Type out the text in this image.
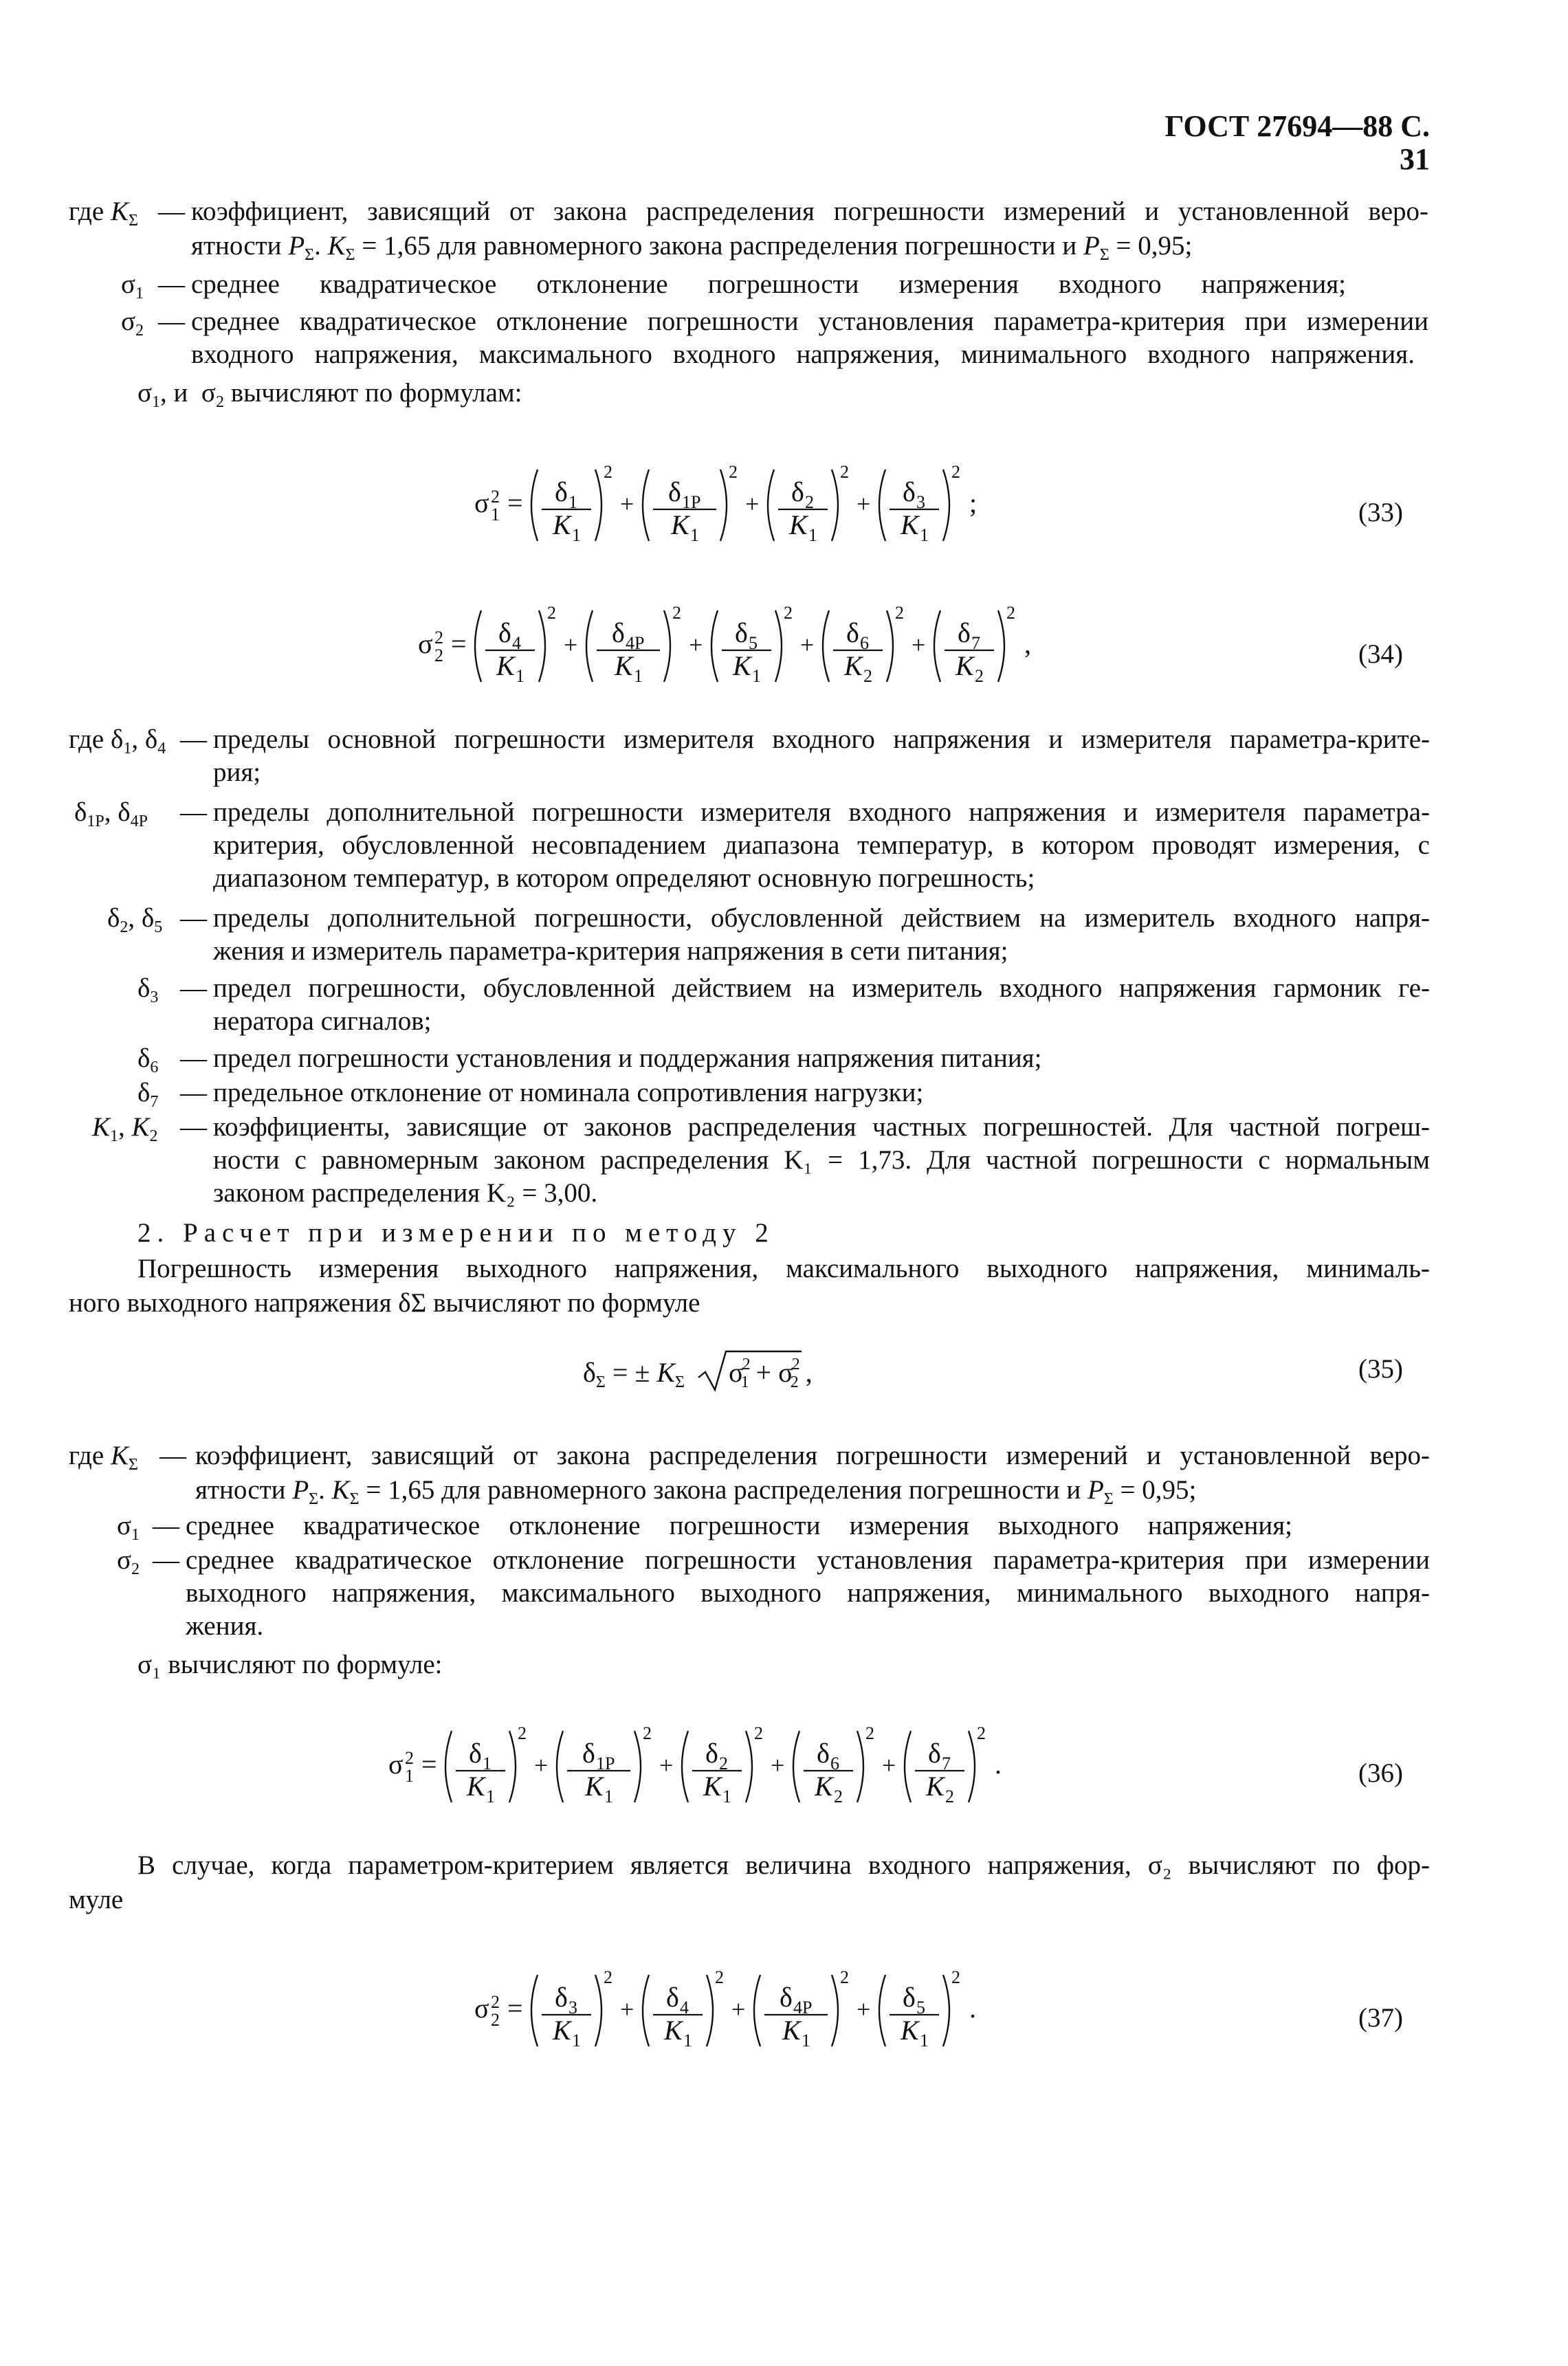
ГОСТ 27694—88 С. 31
где $K_\Sigma$ — коэффициент, зависящий от закона распределения погрешности измерений и установленной веро-
ятности $P_\Sigma$. $K_\Sigma = 1,65$ для равномерного закона распределения погрешности и $P_\Sigma = 0,95$;
$\sigma_1$ — среднее квадратическое отклонение погрешности измерения входного напряжения;
$\sigma_2$ — среднее квадратическое отклонение погрешности установления параметра-критерия при измерении
входного напряжения, максимального входного напряжения, минимального входного напряжения.
$\sigma_1$, и  $\sigma_2$ вычисляют по формулам:
σ 2
1 = δ 1
K 1
2
+ δ 1P
K 1
2
+ δ 2
K 1
2
+ δ 3
K 1
2
;	(33)
σ 2
2 = δ 4
K 1
2
+ δ 4P
K 1
2
+ δ 5
K 1
2
+ δ 6
K 2
2
+ δ 7
K 2
2
,	(34)
где $\delta_1$, $\delta_4$ — пределы основной погрешности измерителя входного напряжения и измерителя параметра-крите-
рия;
$\delta_{1P}$, $\delta_{4P}$ — пределы дополнительной погрешности измерителя входного напряжения и измерителя параметра-
критерия, обусловленной несовпадением диапазона температур, в котором проводят измерения, с
диапазоном температур, в котором определяют основную погрешность;
$\delta_2$, $\delta_5$ — пределы дополнительной погрешности, обусловленной действием на измеритель входного напря-
жения и измеритель параметра-критерия напряжения в сети питания;
$\delta_3$ — предел погрешности, обусловленной действием на измеритель входного напряжения гармоник ге-
нератора сигналов;
$\delta_6$ — предел погрешности установления и поддержания напряжения питания;
$\delta_7$ — предельное отклонение от номинала сопротивления нагрузки;
$K_1$, $K_2$ — коэффициенты, зависящие от законов распределения частных погрешностей. Для частной погреш-
ности с равномерным законом распределения K₁ = 1,73. Для частной погрешности с нормальным
законом распределения K₂ = 3,00.
2. Расчет при измерении по методу 2
Погрешность измерения выходного напряжения, максимального выходного напряжения, минималь-
ного выходного напряжения δΣ вычисляют по формуле
$\delta_\Sigma$ = ± $K_\Sigma$ σ2 1 + σ2 2 ,	(35)
где $K_\Sigma$ — коэффициент, зависящий от закона распределения погрешности измерений и установленной веро-
ятности $P_\Sigma$. $K_\Sigma = 1,65$ для равномерного закона распределения погрешности и $P_\Sigma = 0,95$;
$\sigma_1$ — среднее квадратическое отклонение погрешности измерения выходного напряжения;
$\sigma_2$ — среднее квадратическое отклонение погрешности установления параметра-критерия при измерении
выходного напряжения, максимального выходного напряжения, минимального выходного напря-
жения.
σ₁ вычисляют по формуле:
σ 2
1 = δ 1
K 1
2
+ δ 1P
K 1
2
+ δ 2
K 1
2
+ δ 6
K 2
2
+ δ 7
K 2
2
.	(36)
В случае, когда параметром-критерием является величина входного напряжения, σ₂ вычисляют по фор-
муле
σ 2
2 = δ 3
K 1
2
+ δ 4
K 1
2
+ δ 4P
K 1
2
+ δ 5
K 1
2
.	(37)
